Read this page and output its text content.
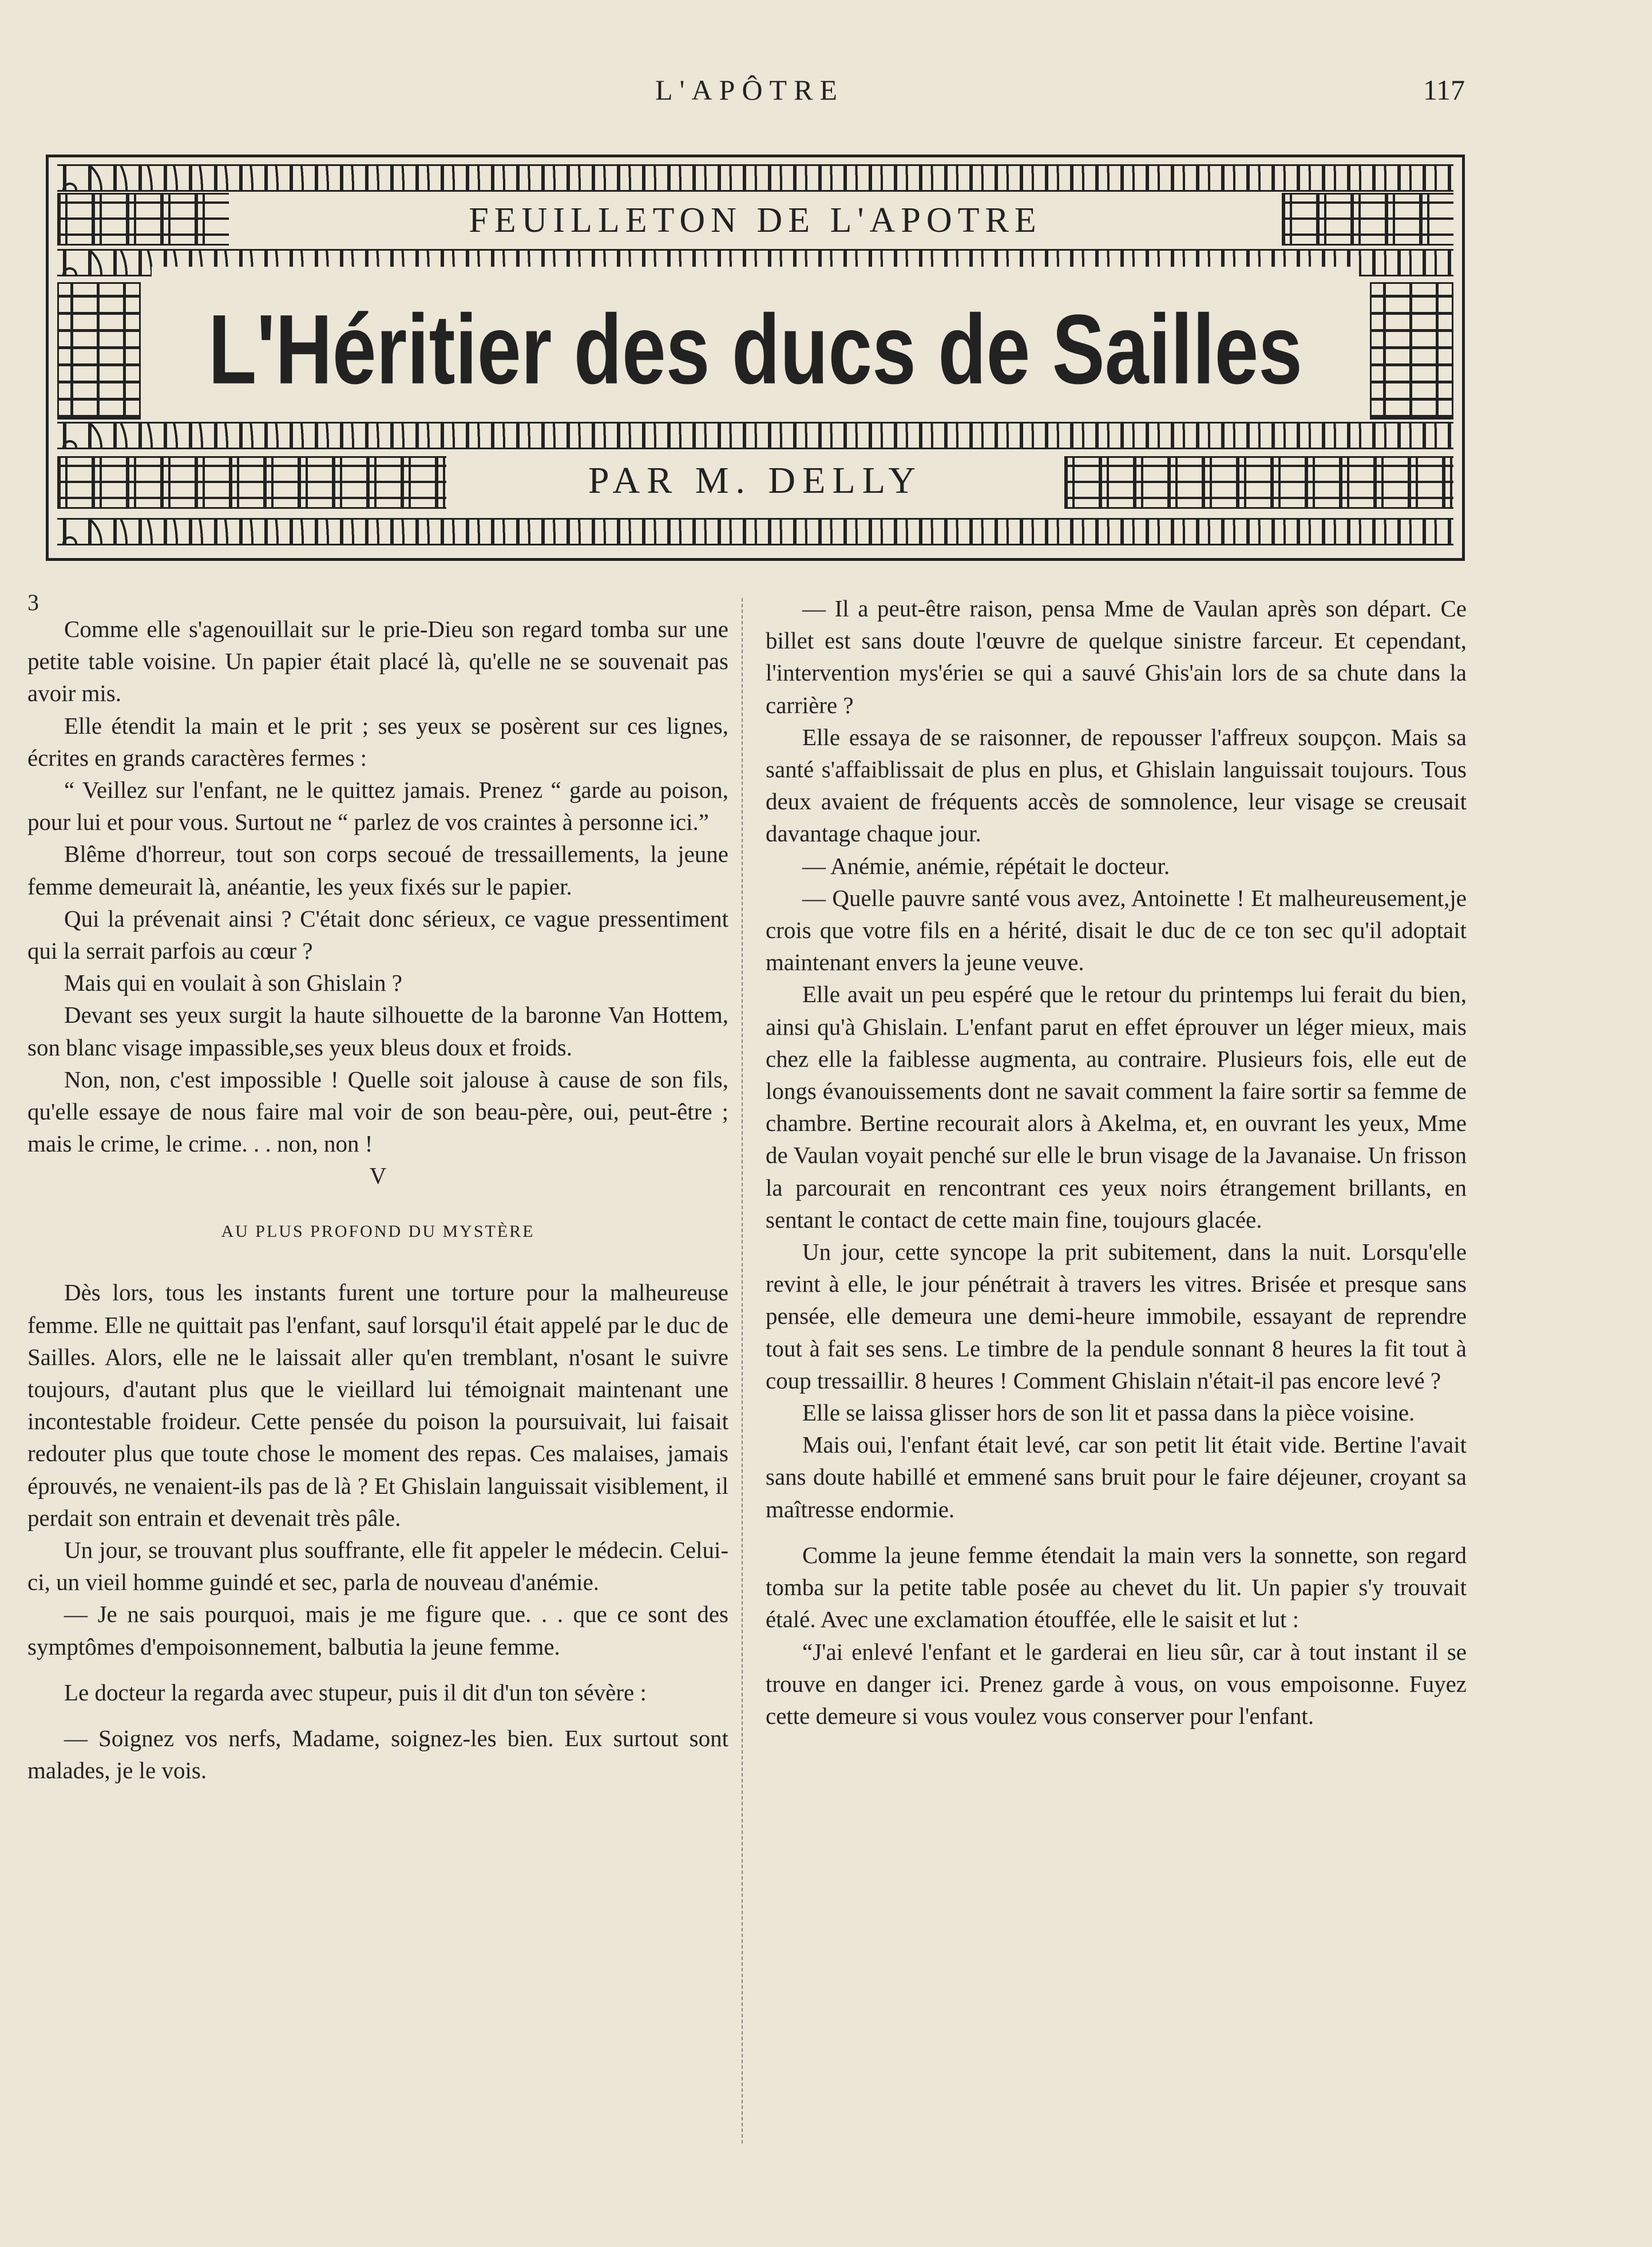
L'APÔTRE	117
FEUILLETON DE L'APOTRE
L'Héritier des ducs de Sailles
PAR M. DELLY
3

Comme elle s'agenouillait sur le prie-Dieu son regard tomba sur une petite table voisine. Un papier était placé là, qu'elle ne se souvenait pas avoir mis.

Elle étendit la main et le prit ; ses yeux se posèrent sur ces lignes, écrites en grands caractères fermes :

“ Veillez sur l'enfant, ne le quittez jamais. Prenez “ garde au poison, pour lui et pour vous. Surtout ne “ parlez de vos craintes à personne ici.”

Blême d'horreur, tout son corps secoué de tressaillements, la jeune femme demeurait là, anéantie, les yeux fixés sur le papier.

Qui la prévenait ainsi ? C'était donc sérieux, ce vague pressentiment qui la serrait parfois au cœur ?

Mais qui en voulait à son Ghislain ?

Devant ses yeux surgit la haute silhouette de la baronne Van Hottem, son blanc visage impassible,ses yeux bleus doux et froids.

Non, non, c'est impossible ! Quelle soit jalouse à cause de son fils, qu'elle essaye de nous faire mal voir de son beau-père, oui, peut-être ; mais le crime, le crime. . . non, non !

V
AU PLUS PROFOND DU MYSTÈRE

Dès lors, tous les instants furent une torture pour la malheureuse femme. Elle ne quittait pas l'enfant, sauf lorsqu'il était appelé par le duc de Sailles. Alors, elle ne le laissait aller qu'en tremblant, n'osant le suivre toujours, d'autant plus que le vieillard lui témoignait maintenant une incontestable froideur. Cette pensée du poison la poursuivait, lui faisait redouter plus que toute chose le moment des repas. Ces malaises, jamais éprouvés, ne venaient-ils pas de là ? Et Ghislain languissait visiblement, il perdait son entrain et devenait très pâle.

Un jour, se trouvant plus souffrante, elle fit appeler le médecin. Celui-ci, un vieil homme guindé et sec, parla de nouveau d'anémie.

— Je ne sais pourquoi, mais je me figure que. . . que ce sont des symptômes d'empoisonnement, balbutia la jeune femme.

Le docteur la regarda avec stupeur, puis il dit d'un ton sévère :

— Soignez vos nerfs, Madame, soignez-les bien. Eux surtout sont malades, je le vois.

— Il a peut-être raison, pensa Mme de Vaulan après son départ. Ce billet est sans doute l'œuvre de quelque sinistre farceur. Et cependant, l'intervention mys'érieı se qui a sauvé Ghis'ain lors de sa chute dans la carrière ?

Elle essaya de se raisonner, de repousser l'affreux soupçon. Mais sa santé s'affaiblissait de plus en plus, et Ghislain languissait toujours. Tous deux avaient de fréquents accès de somnolence, leur visage se creusait davantage chaque jour.

— Anémie, anémie, répétait le docteur.

— Quelle pauvre santé vous avez, Antoinette ! Et malheureusement,je crois que votre fils en a hérité, disait le duc de ce ton sec qu'il adoptait maintenant envers la jeune veuve.

Elle avait un peu espéré que le retour du printemps lui ferait du bien, ainsi qu'à Ghislain. L'enfant parut en effet éprouver un léger mieux, mais chez elle la faiblesse augmenta, au contraire. Plusieurs fois, elle eut de longs évanouissements dont ne savait comment la faire sortir sa femme de chambre. Bertine recourait alors à Akelma, et, en ouvrant les yeux, Mme de Vaulan voyait penché sur elle le brun visage de la Javanaise. Un frisson la parcourait en rencontrant ces yeux noirs étrangement brillants, en sentant le contact de cette main fine, toujours glacée.

Un jour, cette syncope la prit subitement, dans la nuit. Lorsqu'elle revint à elle, le jour pénétrait à travers les vitres. Brisée et presque sans pensée, elle demeura une demi-heure immobile, essayant de reprendre tout à fait ses sens. Le timbre de la pendule sonnant 8 heures la fit tout à coup tressaillir. 8 heures ! Comment Ghislain n'était-il pas encore levé ?

Elle se laissa glisser hors de son lit et passa dans la pièce voisine.

Mais oui, l'enfant était levé, car son petit lit était vide. Bertine l'avait sans doute habillé et emmené sans bruit pour le faire déjeuner, croyant sa maîtresse endormie.

Comme la jeune femme étendait la main vers la sonnette, son regard tomba sur la petite table posée au chevet du lit. Un papier s'y trouvait étalé. Avec une exclamation étouffée, elle le saisit et lut :

“J'ai enlevé l'enfant et le garderai en lieu sûr, car à tout instant il se trouve en danger ici. Prenez garde à vous, on vous empoisonne. Fuyez cette demeure si vous voulez vous conserver pour l'enfant.
